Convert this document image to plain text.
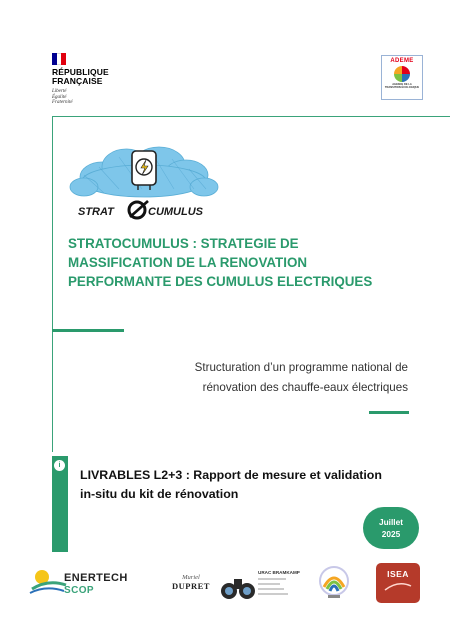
RÉPUBLIQUE
FRANÇAISE
Liberté
Égalité
Fraternité
ADEME
AGENCE DE LA TRANSITION ÉCOLOGIQUE
STRAT	CUMULUS
STRATOCUMULUS : STRATEGIE DE
MASSIFICATION DE LA RENOVATION
PERFORMANTE DES CUMULUS ELECTRIQUES
Structuration d’un programme national de
rénovation des chauffe-eaux électriques
i
FAITS & CHIFFRES	LIVRABLES L2+3 : Rapport de mesure et validation
in-situ du kit de rénovation
Juillet
2025
ENERTECH SCOP
Muriel
DUPRET
URAC BRAMKAMP	ISEA
